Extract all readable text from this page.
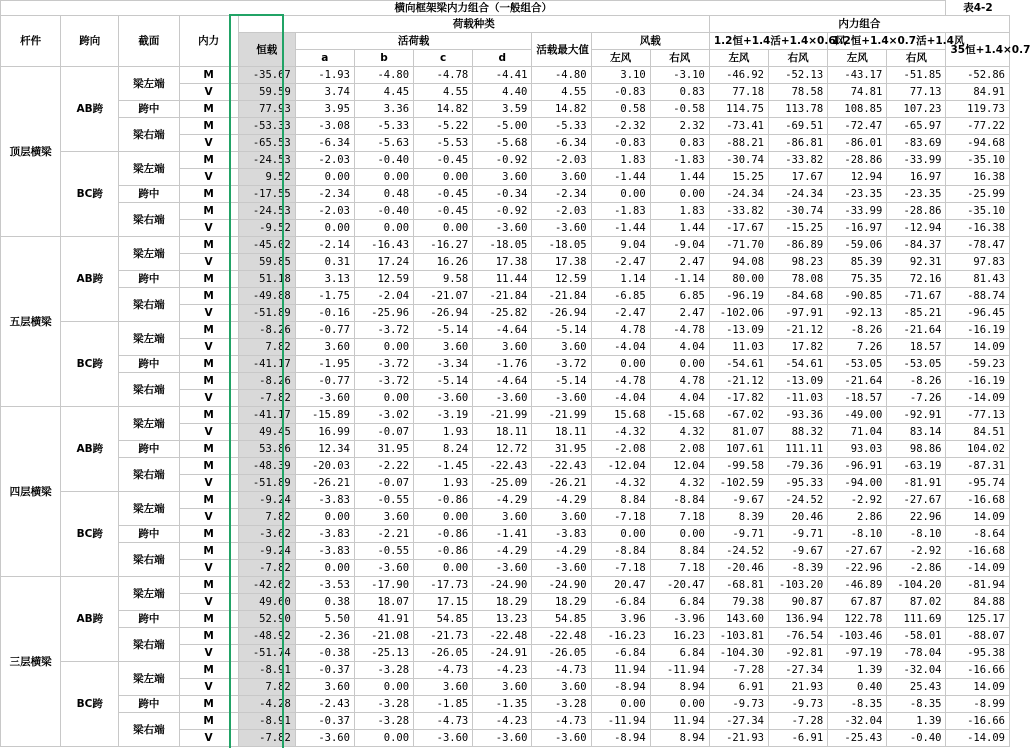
横向框架梁内力组合（一般组合）																表4-2
杆件	跨向	截面	内力	荷载种类								内力组合				
				恒载	活荷载				活载最大值	风载		1.2恒+1.4活+1.4×0.6风		1.2恒+1.4×0.7活+1.4风		35恒+1.4×0.7
					a	b	c	d		左风	右风	左风	右风	左风	右风	
顶层横梁	AB跨	梁左端	M	-35.67	-1.93	-4.80	-4.78	-4.41	-4.80	3.10	-3.10	-46.92	-52.13	-43.17	-51.85	-52.86
			V	59.59	3.74	4.45	4.55	4.40	4.55	-0.83	0.83	77.18	78.58	74.81	77.13	84.91
		跨中	M	77.93	3.95	3.36	14.82	3.59	14.82	0.58	-0.58	114.75	113.78	108.85	107.23	119.73
		梁右端	M	-53.33	-3.08	-5.33	-5.22	-5.00	-5.33	-2.32	2.32	-73.41	-69.51	-72.47	-65.97	-77.22
			V	-65.53	-6.34	-5.63	-5.53	-5.68	-6.34	-0.83	0.83	-88.21	-86.81	-86.01	-83.69	-94.68
	BC跨	梁左端	M	-24.53	-2.03	-0.40	-0.45	-0.92	-2.03	1.83	-1.83	-30.74	-33.82	-28.86	-33.99	-35.10
			V	9.52	0.00	0.00	0.00	3.60	3.60	-1.44	1.44	15.25	17.67	12.94	16.97	16.38
		跨中	M	-17.55	-2.34	0.48	-0.45	-0.34	-2.34	0.00	0.00	-24.34	-24.34	-23.35	-23.35	-25.99
		梁右端	M	-24.53	-2.03	-0.40	-0.45	-0.92	-2.03	-1.83	1.83	-33.82	-30.74	-33.99	-28.86	-35.10
			V	-9.52	0.00	0.00	0.00	-3.60	-3.60	-1.44	1.44	-17.67	-15.25	-16.97	-12.94	-16.38
五层横梁	AB跨	梁左端	M	-45.02	-2.14	-16.43	-16.27	-18.05	-18.05	9.04	-9.04	-71.70	-86.89	-59.06	-84.37	-78.47
			V	59.85	0.31	17.24	16.26	17.38	17.38	-2.47	2.47	94.08	98.23	85.39	92.31	97.83
		跨中	M	51.18	3.13	12.59	9.58	11.44	12.59	1.14	-1.14	80.00	78.08	75.35	72.16	81.43
		梁右端	M	-49.88	-1.75	-2.04	-21.07	-21.84	-21.84	-6.85	6.85	-96.19	-84.68	-90.85	-71.67	-88.74
			V	-51.89	-0.16	-25.96	-26.94	-25.82	-26.94	-2.47	2.47	-102.06	-97.91	-92.13	-85.21	-96.45
	BC跨	梁左端	M	-8.26	-0.77	-3.72	-5.14	-4.64	-5.14	4.78	-4.78	-13.09	-21.12	-8.26	-21.64	-16.19
			V	7.82	3.60	0.00	3.60	3.60	3.60	-4.04	4.04	11.03	17.82	7.26	18.57	14.09
		跨中	M	-41.17	-1.95	-3.72	-3.34	-1.76	-3.72	0.00	0.00	-54.61	-54.61	-53.05	-53.05	-59.23
		梁右端	M	-8.26	-0.77	-3.72	-5.14	-4.64	-5.14	-4.78	4.78	-21.12	-13.09	-21.64	-8.26	-16.19
			V	-7.82	-3.60	0.00	-3.60	-3.60	-3.60	-4.04	4.04	-17.82	-11.03	-18.57	-7.26	-14.09
四层横梁	AB跨	梁左端	M	-41.17	-15.89	-3.02	-3.19	-21.99	-21.99	15.68	-15.68	-67.02	-93.36	-49.00	-92.91	-77.13
			V	49.45	16.99	-0.07	1.93	18.11	18.11	-4.32	4.32	81.07	88.32	71.04	83.14	84.51
		跨中	M	53.86	12.34	31.95	8.24	12.72	31.95	-2.08	2.08	107.61	111.11	93.03	98.86	104.02
		梁右端	M	-48.39	-20.03	-2.22	-1.45	-22.43	-22.43	-12.04	12.04	-99.58	-79.36	-96.91	-63.19	-87.31
			V	-51.89	-26.21	-0.07	1.93	-25.09	-26.21	-4.32	4.32	-102.59	-95.33	-94.00	-81.91	-95.74
	BC跨	梁左端	M	-9.24	-3.83	-0.55	-0.86	-4.29	-4.29	8.84	-8.84	-9.67	-24.52	-2.92	-27.67	-16.68
			V	7.82	0.00	3.60	0.00	3.60	3.60	-7.18	7.18	8.39	20.46	2.86	22.96	14.09
		跨中	M	-3.62	-3.83	-2.21	-0.86	-1.41	-3.83	0.00	0.00	-9.71	-9.71	-8.10	-8.10	-8.64
		梁右端	M	-9.24	-3.83	-0.55	-0.86	-4.29	-4.29	-8.84	8.84	-24.52	-9.67	-27.67	-2.92	-16.68
			V	-7.82	0.00	-3.60	0.00	-3.60	-3.60	-7.18	7.18	-20.46	-8.39	-22.96	-2.86	-14.09
三层横梁	AB跨	梁左端	M	-42.62	-3.53	-17.90	-17.73	-24.90	-24.90	20.47	-20.47	-68.81	-103.20	-46.89	-104.20	-81.94
			V	49.60	0.38	18.07	17.15	18.29	18.29	-6.84	6.84	79.38	90.87	67.87	87.02	84.88
		跨中	M	52.90	5.50	41.91	54.85	13.23	54.85	3.96	-3.96	143.60	136.94	122.78	111.69	125.17
		梁右端	M	-48.92	-2.36	-21.08	-21.73	-22.48	-22.48	-16.23	16.23	-103.81	-76.54	-103.46	-58.01	-88.07
			V	-51.74	-0.38	-25.13	-26.05	-24.91	-26.05	-6.84	6.84	-104.30	-92.81	-97.19	-78.04	-95.38
	BC跨	梁左端	M	-8.91	-0.37	-3.28	-4.73	-4.23	-4.73	11.94	-11.94	-7.28	-27.34	1.39	-32.04	-16.66
			V	7.82	3.60	0.00	3.60	3.60	3.60	-8.94	8.94	6.91	21.93	0.40	25.43	14.09
		跨中	M	-4.28	-2.43	-3.28	-1.85	-1.35	-3.28	0.00	0.00	-9.73	-9.73	-8.35	-8.35	-8.99
		梁右端	M	-8.91	-0.37	-3.28	-4.73	-4.23	-4.73	-11.94	11.94	-27.34	-7.28	-32.04	1.39	-16.66
			V	-7.82	-3.60	0.00	-3.60	-3.60	-3.60	-8.94	8.94	-21.93	-6.91	-25.43	-0.40	-14.09
